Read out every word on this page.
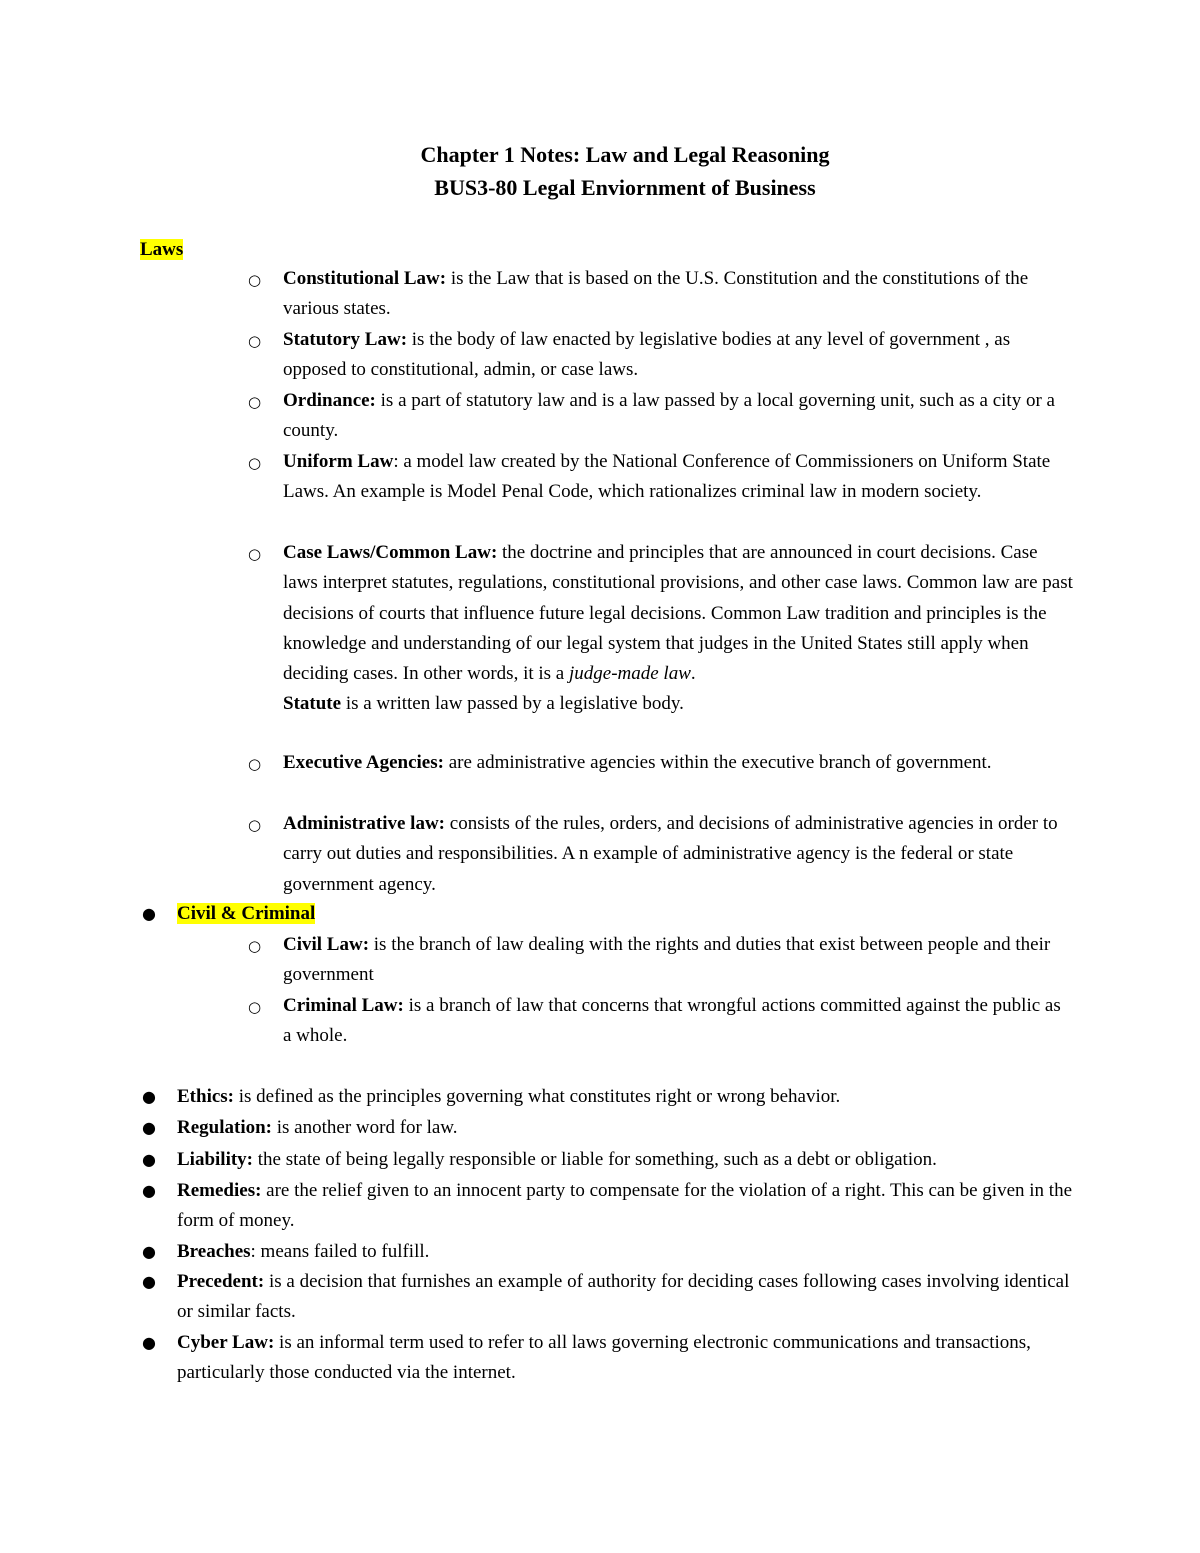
Chapter 1 Notes: Law and Legal Reasoning
BUS3-80 Legal Enviornment of Business
Laws
○ Constitutional Law: is the Law that is based on the U.S. Constitution and the constitutions of the various states.
○ Statutory Law: is the body of law enacted by legislative bodies at any level of government , as opposed to constitutional, admin, or case laws.
○ Ordinance: is a part of statutory law and is a law passed by a local governing unit, such as a city or a county.
○ Uniform Law: a model law created by the National Conference of Commissioners on Uniform State Laws. An example is Model Penal Code, which rationalizes criminal law in modern society.
○ Case Laws/Common Law: the doctrine and principles that are announced in court decisions. Case laws interpret statutes, regulations, constitutional provisions, and other case laws. Common law are past decisions of courts that influence future legal decisions. Common Law tradition and principles is the knowledge and understanding of our legal system that judges in the United States still apply when deciding cases. In other words, it is a judge-made law.
Statute is a written law passed by a legislative body.
○ Executive Agencies: are administrative agencies within the executive branch of government.
○ Administrative law: consists of the rules, orders, and decisions of administrative agencies in order to carry out duties and responsibilities. A n example of administrative agency is the federal or state government agency.
● Civil & Criminal
○ Civil Law: is the branch of law dealing with the rights and duties that exist between people and their government
○ Criminal Law: is a branch of law that concerns that wrongful actions committed against the public as a whole.
● Ethics: is defined as the principles governing what constitutes right or wrong behavior.
● Regulation: is another word for law.
● Liability: the state of being legally responsible or liable for something, such as a debt or obligation.
● Remedies: are the relief given to an innocent party to compensate for the violation of a right. This can be given in the form of money.
● Breaches: means failed to fulfill.
● Precedent: is a decision that furnishes an example of authority for deciding cases following cases involving identical or similar facts.
● Cyber Law: is an informal term used to refer to all laws governing electronic communications and transactions, particularly those conducted via the internet.
